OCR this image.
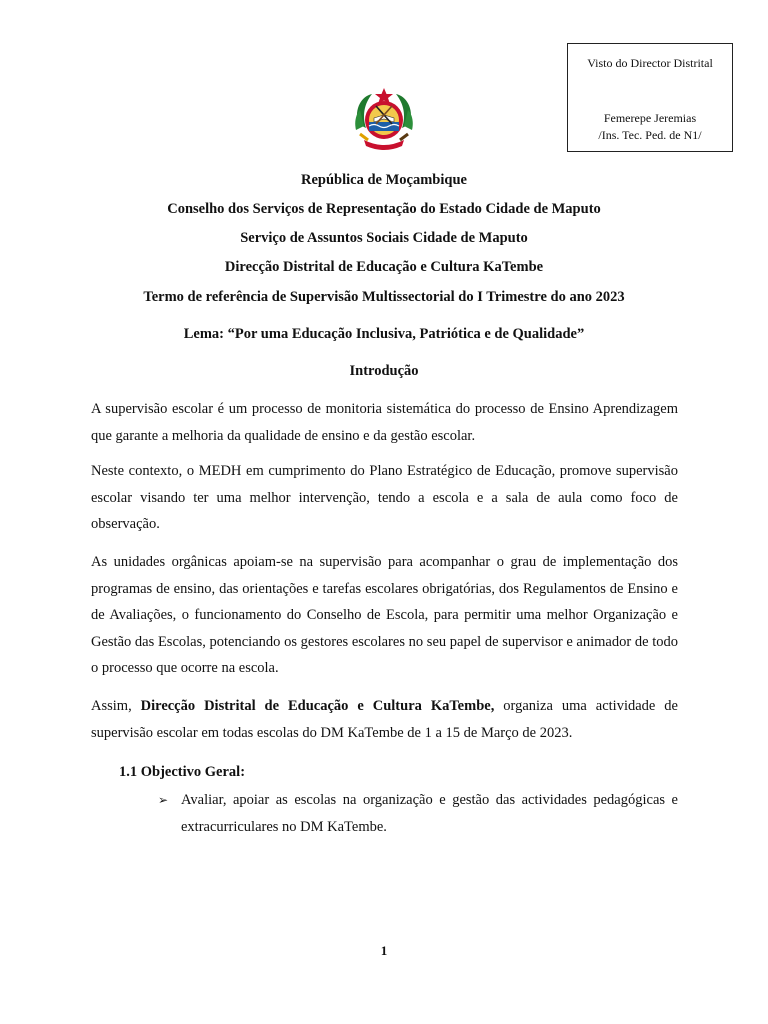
Visto do Director Distrital
Femerepe Jeremias
/Ins. Tec. Ped. de N1/
República de Moçambique
Conselho dos Serviços de Representação do Estado Cidade de Maputo
Serviço de Assuntos Sociais Cidade de Maputo
Direcção Distrital de Educação e Cultura KaTembe
Termo de referência de Supervisão Multissectorial do I Trimestre do ano 2023
Lema: “Por uma Educação Inclusiva, Patriótica e de Qualidade”
Introdução
A supervisão escolar é um processo de monitoria sistemática do processo de Ensino Aprendizagem que garante a melhoria da qualidade de ensino e da gestão escolar.
Neste contexto, o MEDH em cumprimento do Plano Estratégico de Educação, promove supervisão escolar visando ter uma melhor intervenção, tendo a escola e a sala de aula como foco de observação.
As unidades orgânicas apoiam-se na supervisão para acompanhar o grau de implementação dos programas de ensino, das orientações e tarefas escolares obrigatórias, dos Regulamentos de Ensino e de Avaliações, o funcionamento do Conselho de Escola, para permitir uma melhor Organização e Gestão das Escolas, potenciando os gestores escolares no seu papel de supervisor e animador de todo o processo que ocorre na escola.
Assim, Direcção Distrital de Educação e Cultura KaTembe, organiza uma actividade de supervisão escolar em todas escolas do DM KaTembe de 1 a 15 de Março de 2023.
1.1 Objectivo Geral:
➢ Avaliar, apoiar as escolas na organização e gestão das actividades pedagógicas e extracurriculares no DM KaTembe.
1
